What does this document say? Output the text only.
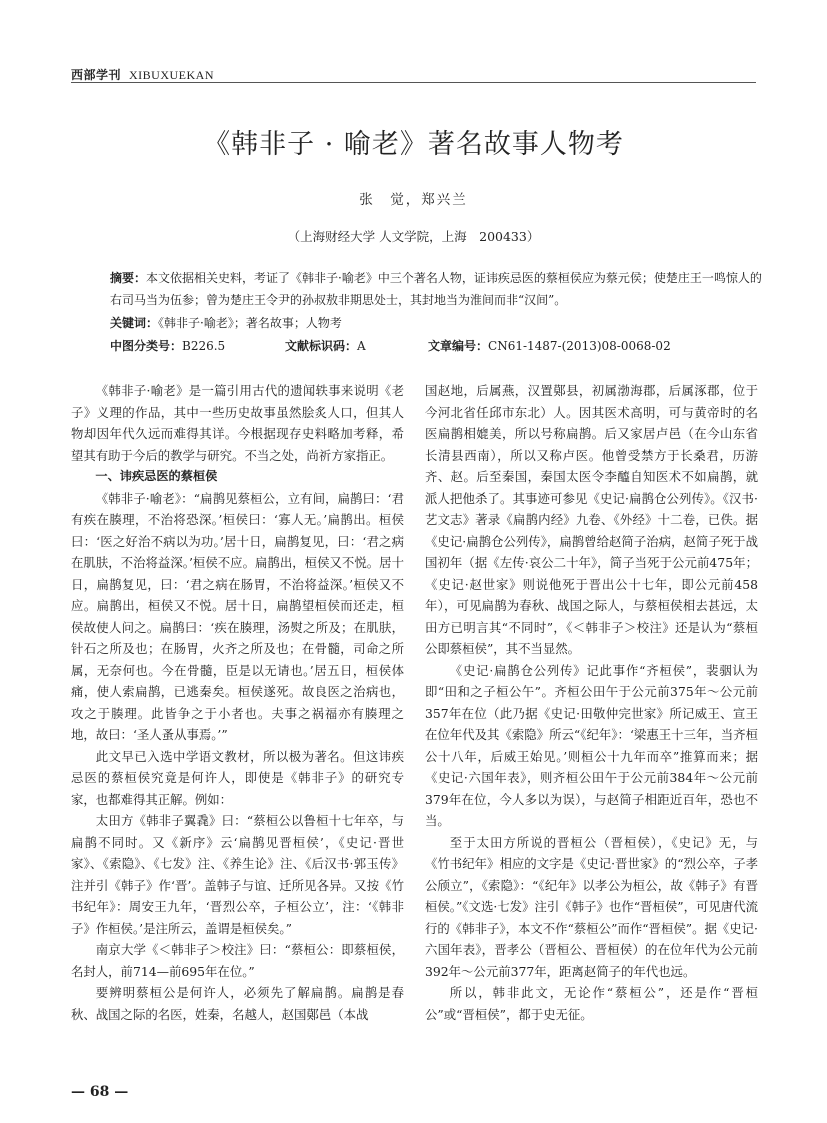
西部学刊 XIBUXUEKAN
《韩非子 · 喻老》著名故事人物考
张　觉，郑兴兰
（上海财经大学 人文学院，上海　200433）
摘要：本文依据相关史料，考证了《韩非子·喻老》中三个著名人物，证讳疾忌医的蔡桓侯应为蔡元侯；使楚庄王一鸣惊人的右司马当为伍参；曾为楚庄王令尹的孙叔敖非期思处士，其封地当为淮间而非“汉间”。
关键词：《韩非子·喻老》；著名故事；人物考
中图分类号：B226.5	文献标识码：A	文章编号：CN61-1487-(2013)08-0068-02

《韩非子·喻老》是一篇引用古代的遗闻轶事来说明《老子》义理的作品，其中一些历史故事虽然脍炙人口，但其人物却因年代久远而难得其详。今根据现存史料略加考释，希望其有助于今后的教学与研究。不当之处，尚祈方家指正。

一、讳疾忌医的蔡桓侯

《韩非子·喻老》：“扁鹊见蔡桓公，立有间，扁鹊曰：‘君有疾在腠理，不治将恐深。’桓侯曰：‘寡人无。’扁鹊出。桓侯曰：‘医之好治不病以为功。’居十日，扁鹊复见，曰：‘君之病在肌肤，不治将益深。’桓侯不应。扁鹊出，桓侯又不悦。居十日，扁鹊复见，曰：‘君之病在肠胃，不治将益深。’桓侯又不应。扁鹊出，桓侯又不悦。居十日，扁鹊望桓侯而还走，桓侯故使人问之。扁鹊曰：‘疾在腠理，汤熨之所及；在肌肤，针石之所及也；在肠胃，火齐之所及也；在骨髓，司命之所属，无奈何也。今在骨髓，臣是以无请也。’居五日，桓侯体痛，使人索扁鹊，已逃秦矣。桓侯遂死。故良医之治病也，攻之于腠理。此皆争之于小者也。夫事之祸福亦有腠理之地，故曰：‘圣人蚤从事焉。’”

此文早已入选中学语文教材，所以极为著名。但这讳疾忌医的蔡桓侯究竟是何许人，即使是《韩非子》的研究专家，也都难得其正解。例如：

太田方《韩非子翼毳》曰：“蔡桓公以鲁桓十七年卒，与扁鹊不同时。又《新序》云‘扁鹊见晋桓侯’，《史记·晋世家》、《索隐》、《七发》注、《养生论》注、《后汉书·郭玉传》注并引《韩子》作‘晋’。盖韩子与谊、迁所见各异。又按《竹书纪年》：周安王九年，‘晋烈公卒，子桓公立’，注：‘《韩非子》作桓侯。’是注所云，盖谓是桓侯矣。”

南京大学《＜韩非子＞校注》曰：“蔡桓公：即蔡桓侯，名封人，前714—前695年在位。”

要辨明蔡桓公是何许人，必须先了解扁鹊。扁鹊是春秋、战国之际的名医，姓秦，名越人，赵国鄚邑（本战

国赵地，后属燕，汉置鄚县，初属渤海郡，后属涿郡，位于今河北省任邱市东北）人。因其医术高明，可与黄帝时的名医扁鹊相媲美，所以号称扁鹊。后又家居卢邑（在今山东省长清县西南），所以又称卢医。他曾受禁方于长桑君，历游齐、赵。后至秦国，秦国太医令李醯自知医术不如扁鹊，就派人把他杀了。其事迹可参见《史记·扁鹊仓公列传》。《汉书·艺文志》著录《扁鹊内经》九卷、《外经》十二卷，已佚。据《史记·扁鹊仓公列传》，扁鹊曾给赵简子治病，赵简子死于战国初年（据《左传·哀公二十年》，简子当死于公元前475年；《史记·赵世家》则说他死于晋出公十七年，即公元前458年），可见扁鹊为春秋、战国之际人，与蔡桓侯相去甚远，太田方已明言其“不同时”，《＜韩非子＞校注》还是认为“蔡桓公即蔡桓侯”，其不当显然。

《史记·扁鹊仓公列传》记此事作“齐桓侯”，裴骃认为即“田和之子桓公午”。齐桓公田午于公元前375年～公元前357年在位（此乃据《史记·田敬仲完世家》所记威王、宣王在位年代及其《索隐》所云“《纪年》：‘梁惠王十三年，当齐桓公十八年，后威王始见。’则桓公十九年而卒”推算而来；据《史记·六国年表》，则齐桓公田午于公元前384年～公元前379年在位，今人多以为误），与赵简子相距近百年，恐也不当。

至于太田方所说的晋桓公（晋桓侯），《史记》无，与《竹书纪年》相应的文字是《史记·晋世家》的“烈公卒，子孝公颀立”，《索隐》：“《纪年》以孝公为桓公，故《韩子》有晋桓侯。”《文选·七发》注引《韩子》也作“晋桓侯”，可见唐代流行的《韩非子》，本文不作“蔡桓公”而作“晋桓侯”。据《史记·六国年表》，晋孝公（晋桓公、晋桓侯）的在位年代为公元前392年～公元前377年，距离赵简子的年代也远。

所以，韩非此文，无论作“蔡桓公”，还是作“晋桓公”或“晋桓侯”，都于史无征。

— 68 —
